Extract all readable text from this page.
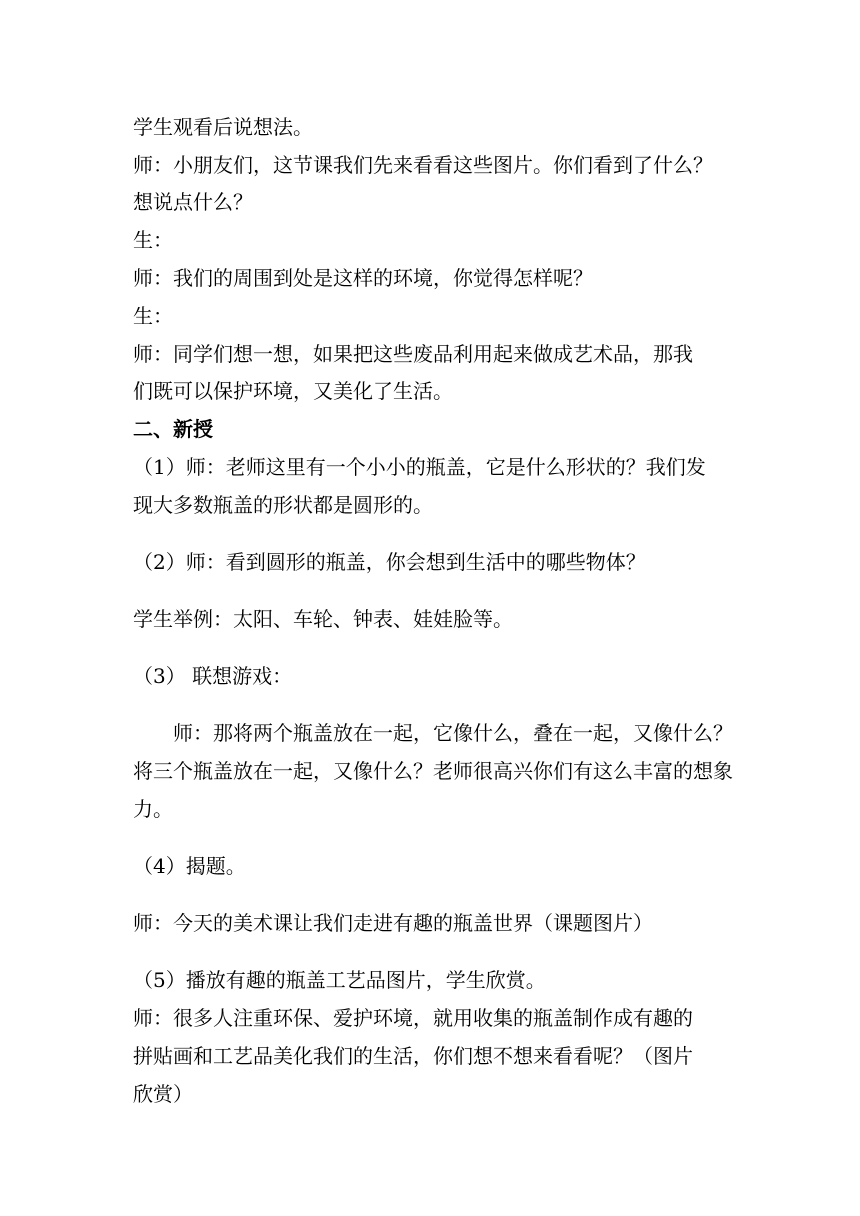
学生观看后说想法。
师：小朋友们，这节课我们先来看看这些图片。你们看到了什么？
想说点什么？
生：
师：我们的周围到处是这样的环境，你觉得怎样呢？
生：
师：同学们想一想，如果把这些废品利用起来做成艺术品，那我
们既可以保护环境，又美化了生活。
二、新授
（1）师：老师这里有一个小小的瓶盖，它是什么形状的？我们发
现大多数瓶盖的形状都是圆形的。
（2）师：看到圆形的瓶盖，你会想到生活中的哪些物体？
学生举例：太阳、车轮、钟表、娃娃脸等。
（3） 联想游戏：
师：那将两个瓶盖放在一起，它像什么，叠在一起，又像什么？
将三个瓶盖放在一起，又像什么？老师很高兴你们有这么丰富的想象
力。
（4）揭题。
师：今天的美术课让我们走进有趣的瓶盖世界（课题图片）
（5）播放有趣的瓶盖工艺品图片，学生欣赏。
师：很多人注重环保、爱护环境，就用收集的瓶盖制作成有趣的
拼贴画和工艺品美化我们的生活，你们想不想来看看呢？（图片
欣赏）
